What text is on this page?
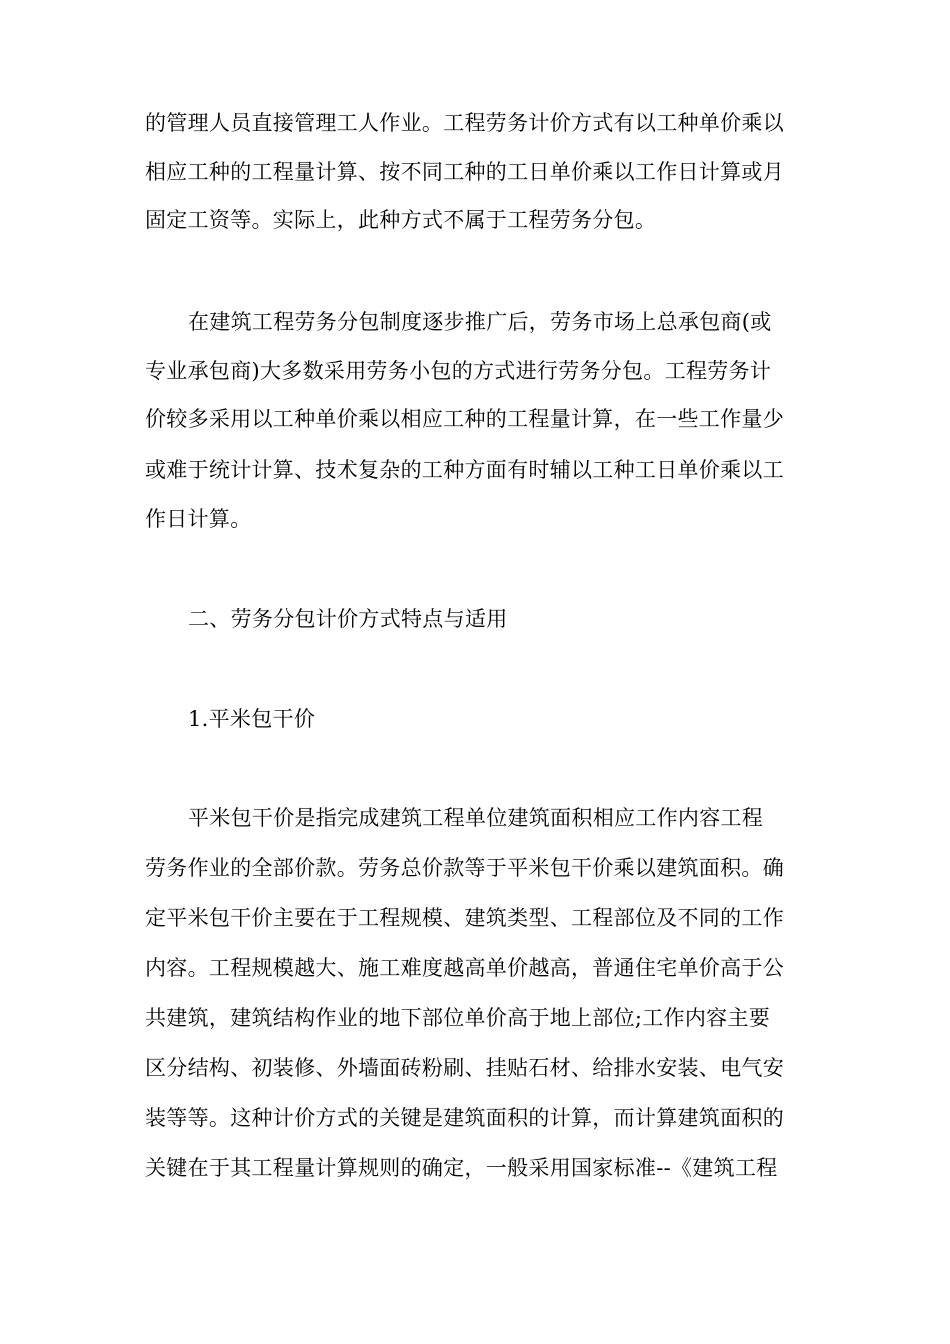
的管理人员直接管理工人作业。工程劳务计价方式有以工种单价乘以
相应工种的工程量计算、按不同工种的工日单价乘以工作日计算或月
固定工资等。实际上，此种方式不属于工程劳务分包。
在建筑工程劳务分包制度逐步推广后，劳务市场上总承包商(或
专业承包商)大多数采用劳务小包的方式进行劳务分包。工程劳务计
价较多采用以工种单价乘以相应工种的工程量计算，在一些工作量少
或难于统计计算、技术复杂的工种方面有时辅以工种工日单价乘以工
作日计算。
二、劳务分包计价方式特点与适用
1.平米包干价
平米包干价是指完成建筑工程单位建筑面积相应工作内容工程
劳务作业的全部价款。劳务总价款等于平米包干价乘以建筑面积。确
定平米包干价主要在于工程规模、建筑类型、工程部位及不同的工作
内容。工程规模越大、施工难度越高单价越高，普通住宅单价高于公
共建筑，建筑结构作业的地下部位单价高于地上部位;工作内容主要
区分结构、初装修、外墙面砖粉刷、挂贴石材、给排水安装、电气安
装等等。这种计价方式的关键是建筑面积的计算，而计算建筑面积的
关键在于其工程量计算规则的确定，一般采用国家标准--《建筑工程
